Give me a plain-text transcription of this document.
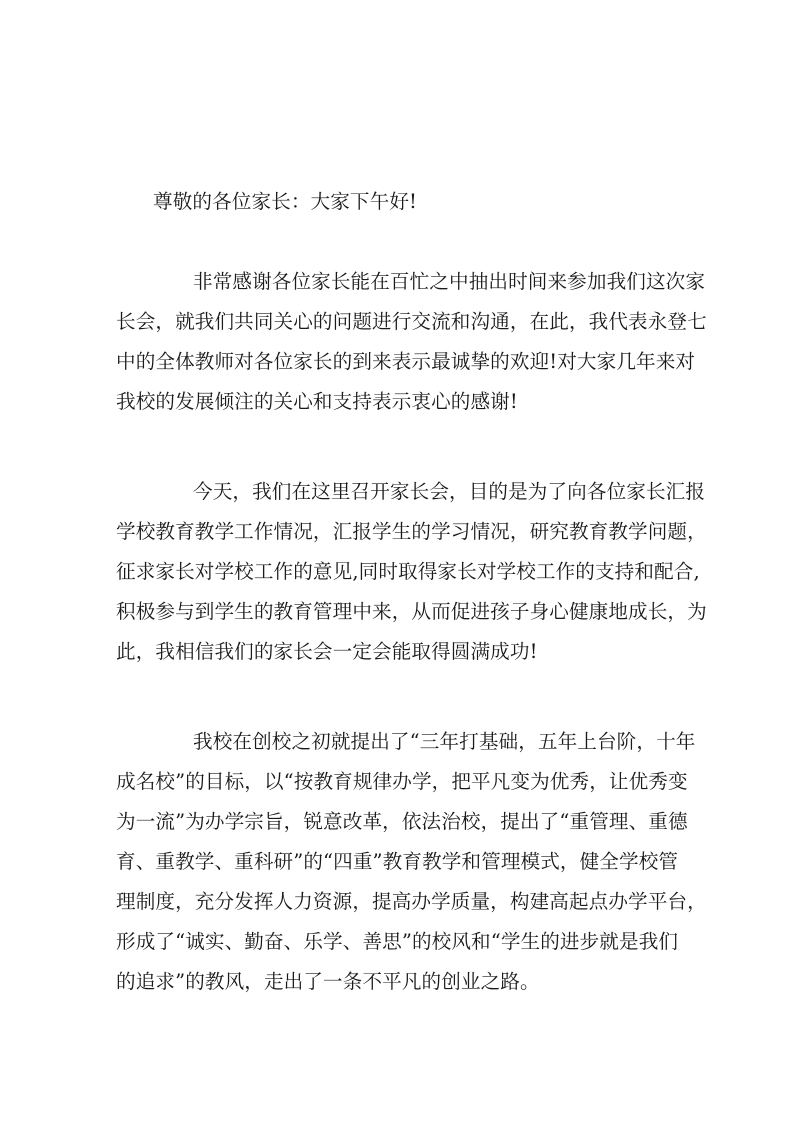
尊敬的各位家长：大家下午好!
非常感谢各位家长能在百忙之中抽出时间来参加我们这次家
长会，就我们共同关心的问题进行交流和沟通，在此，我代表永登七
中的全体教师对各位家长的到来表示最诚挚的欢迎!对大家几年来对
我校的发展倾注的关心和支持表示衷心的感谢!
今天，我们在这里召开家长会，目的是为了向各位家长汇报
学校教育教学工作情况，汇报学生的学习情况，研究教育教学问题，
征求家长对学校工作的意见,同时取得家长对学校工作的支持和配合,
积极参与到学生的教育管理中来，从而促进孩子身心健康地成长，为
此，我相信我们的家长会一定会能取得圆满成功!
我校在创校之初就提出了“三年打基础，五年上台阶，十年
成名校”的目标，以“按教育规律办学，把平凡变为优秀，让优秀变
为一流”为办学宗旨，锐意改革，依法治校，提出了“重管理、重德
育、重教学、重科研”的“四重”教育教学和管理模式，健全学校管
理制度，充分发挥人力资源，提高办学质量，构建高起点办学平台，
形成了“诚实、勤奋、乐学、善思”的校风和“学生的进步就是我们
的追求”的教风，走出了一条不平凡的创业之路。
